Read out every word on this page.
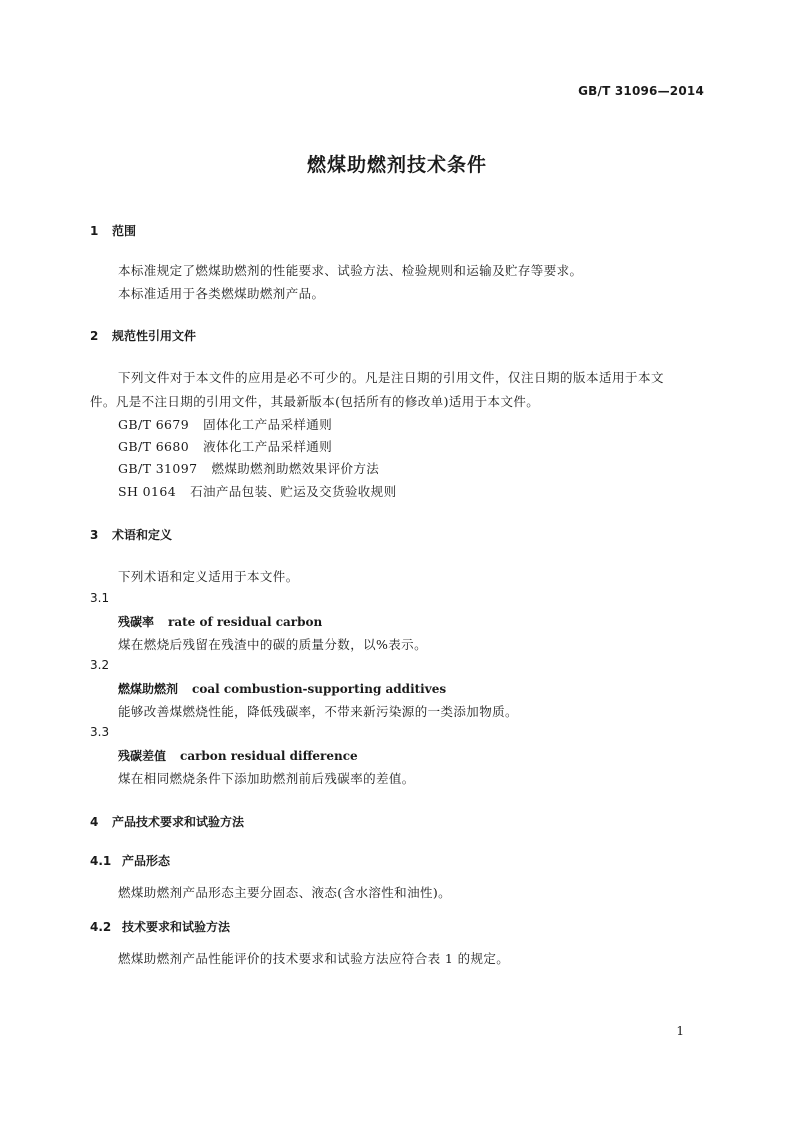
GB/T 31096—2014
燃煤助燃剂技术条件
1 范围
本标准规定了燃煤助燃剂的性能要求、试验方法、检验规则和运输及贮存等要求。
本标准适用于各类燃煤助燃剂产品。
2 规范性引用文件
下列文件对于本文件的应用是必不可少的。凡是注日期的引用文件，仅注日期的版本适用于本文
件。凡是不注日期的引用文件，其最新版本(包括所有的修改单)适用于本文件。
GB/T 6679 固体化工产品采样通则
GB/T 6680 液体化工产品采样通则
GB/T 31097 燃煤助燃剂助燃效果评价方法
SH 0164 石油产品包装、贮运及交货验收规则
3 术语和定义
下列术语和定义适用于本文件。
3.1
残碳率 rate of residual carbon
煤在燃烧后残留在残渣中的碳的质量分数，以%表示。
3.2
燃煤助燃剂 coal combustion-supporting additives
能够改善煤燃烧性能，降低残碳率，不带来新污染源的一类添加物质。
3.3
残碳差值 carbon residual difference
煤在相同燃烧条件下添加助燃剂前后残碳率的差值。
4 产品技术要求和试验方法
4.1 产品形态
燃煤助燃剂产品形态主要分固态、液态(含水溶性和油性)。
4.2 技术要求和试验方法
燃煤助燃剂产品性能评价的技术要求和试验方法应符合表 1 的规定。
1
